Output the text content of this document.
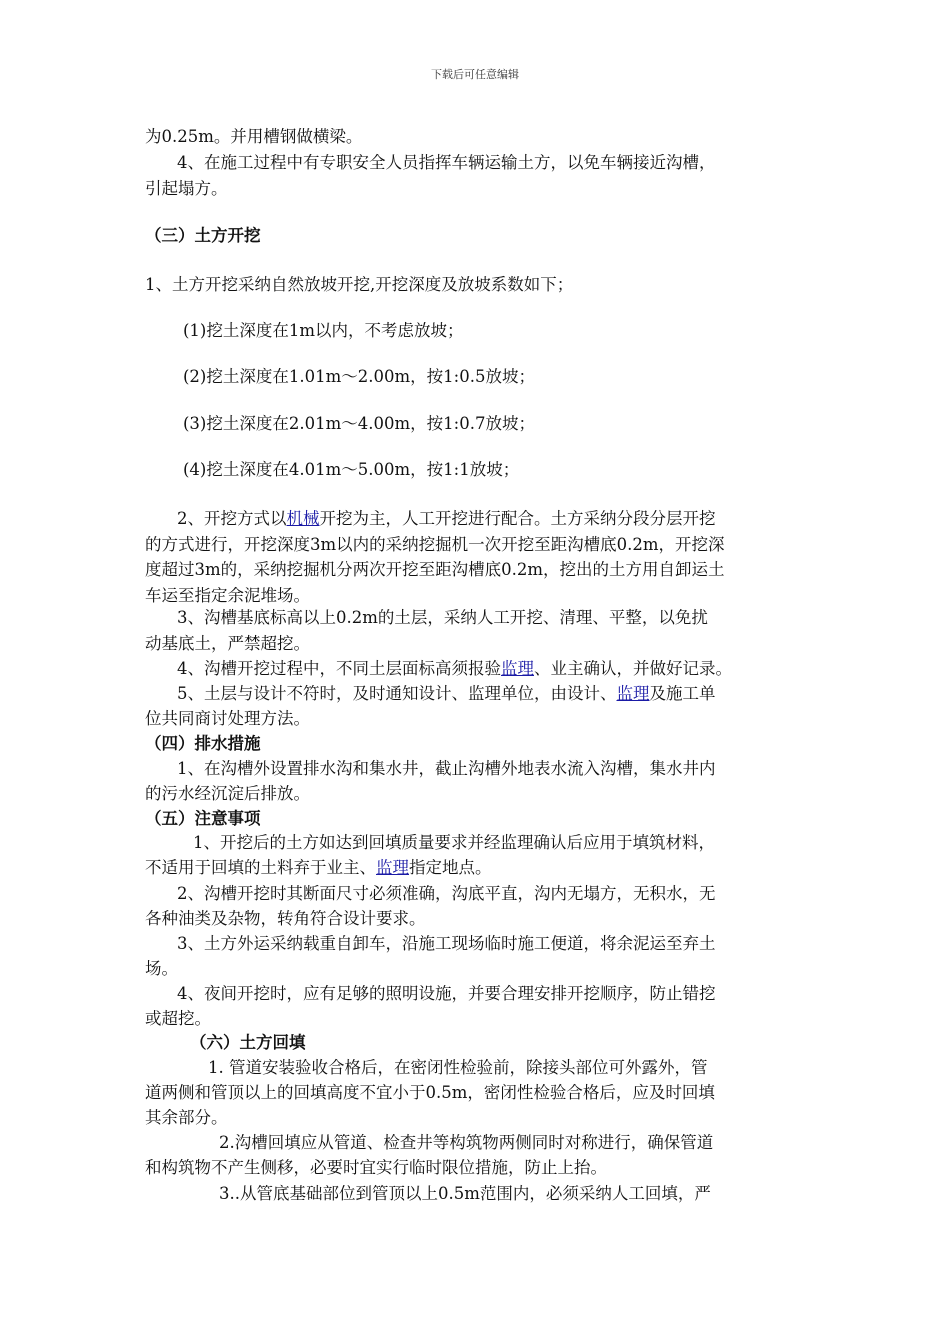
下载后可任意编辑
为0.25m。并用槽钢做横梁。
4、在施工过程中有专职安全人员指挥车辆运输土方，以免车辆接近沟槽，
引起塌方。
（三）土方开挖
1、土方开挖采纳自然放坡开挖,开挖深度及放坡系数如下；
(1)挖土深度在1m以内，不考虑放坡；
(2)挖土深度在1.01m～2.00m，按1:0.5放坡；
(3)挖土深度在2.01m～4.00m，按1:0.7放坡；
(4)挖土深度在4.01m～5.00m，按1:1放坡；
2、开挖方式以机械开挖为主，人工开挖进行配合。土方采纳分段分层开挖
的方式进行，开挖深度3m以内的采纳挖掘机一次开挖至距沟槽底0.2m，开挖深
度超过3m的，采纳挖掘机分两次开挖至距沟槽底0.2m，挖出的土方用自卸运土
车运至指定余泥堆场。
3、沟槽基底标高以上0.2m的土层，采纳人工开挖、清理、平整，以免扰
动基底土，严禁超挖。
4、沟槽开挖过程中，不同土层面标高须报验监理、业主确认，并做好记录。
5、土层与设计不符时，及时通知设计、监理单位，由设计、监理及施工单
位共同商讨处理方法。
（四）排水措施
1、在沟槽外设置排水沟和集水井，截止沟槽外地表水流入沟槽，集水井内
的污水经沉淀后排放。
（五）注意事项
1、开挖后的土方如达到回填质量要求并经监理确认后应用于填筑材料，
不适用于回填的土料弃于业主、监理指定地点。
2、沟槽开挖时其断面尺寸必须准确，沟底平直，沟内无塌方，无积水，无
各种油类及杂物，转角符合设计要求。
3、土方外运采纳载重自卸车，沿施工现场临时施工便道，将余泥运至弃土
场。
4、夜间开挖时，应有足够的照明设施，并要合理安排开挖顺序，防止错挖
或超挖。
（六）土方回填
1. 管道安装验收合格后，在密闭性检验前，除接头部位可外露外，管
道两侧和管顶以上的回填高度不宜小于0.5m，密闭性检验合格后，应及时回填
其余部分。
2.沟槽回填应从管道、检查井等构筑物两侧同时对称进行，确保管道
和构筑物不产生侧移，必要时宜实行临时限位措施，防止上抬。
3..从管底基础部位到管顶以上0.5m范围内，必须采纳人工回填，严
